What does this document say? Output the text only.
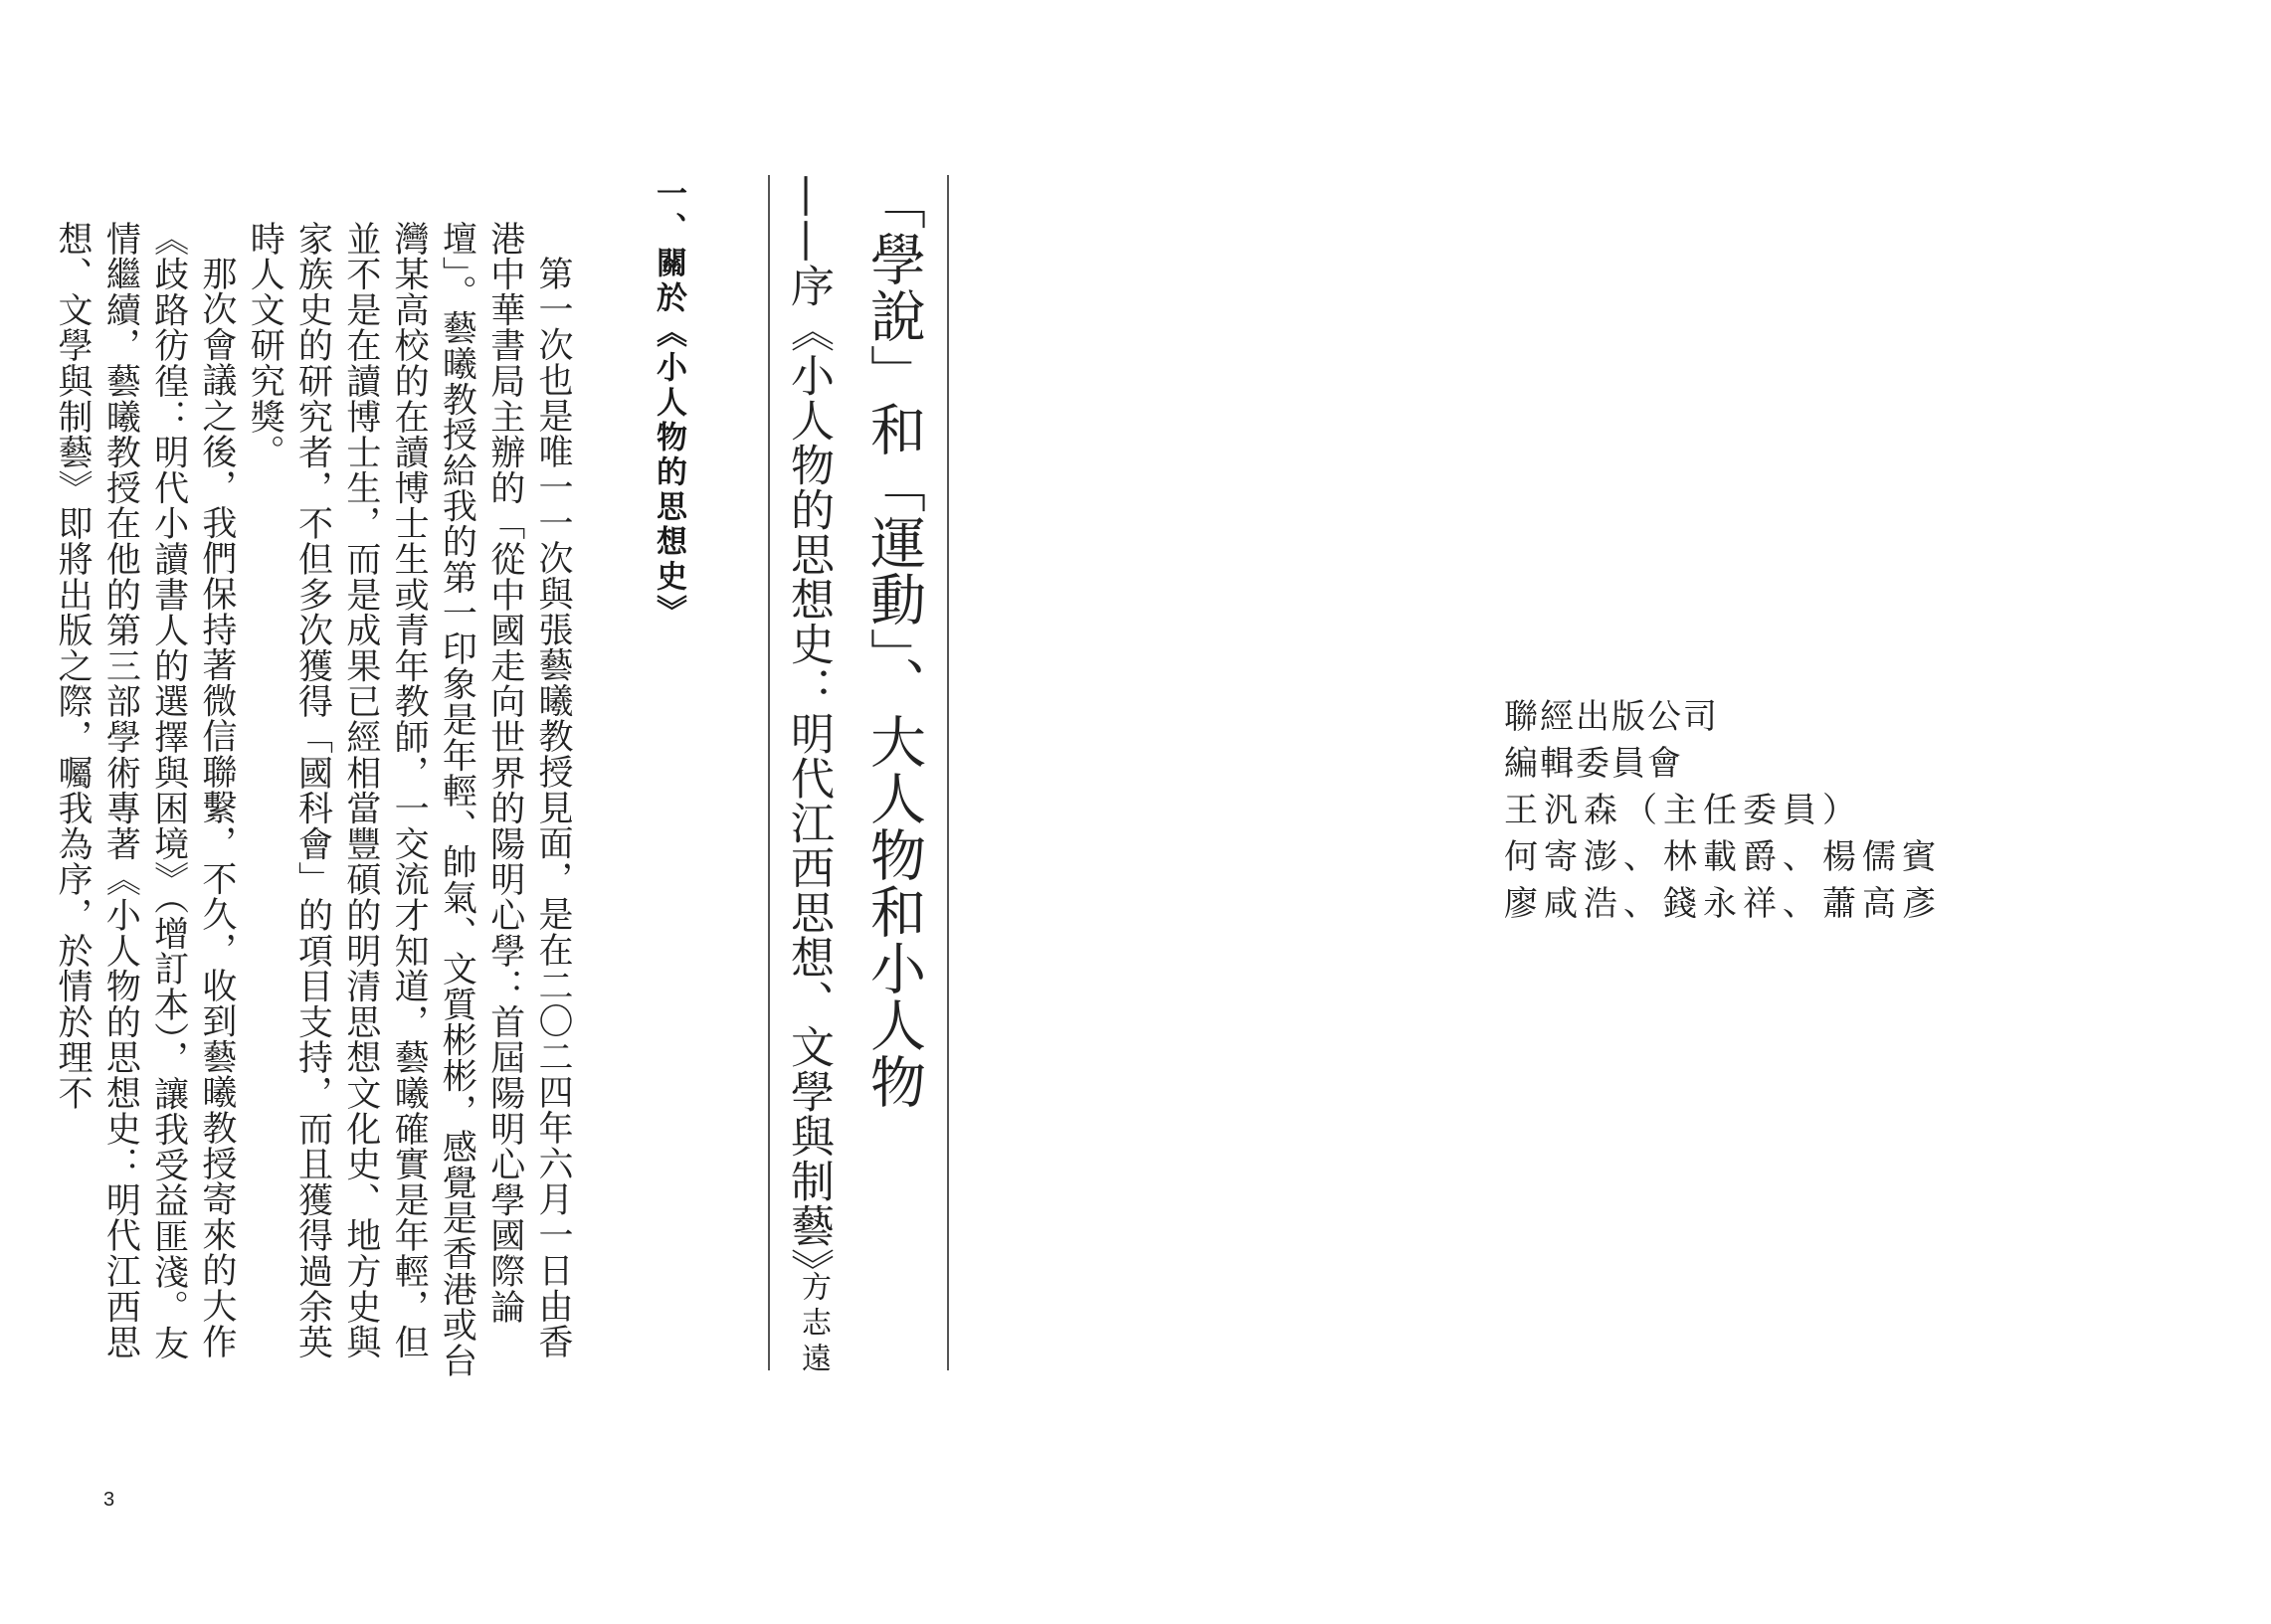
「學說」和「運動」、大人物和小人物
——序《小人物的思想史：明代江西思想、文學與制藝》
方志遠
一、關於《小人物的思想史》

第一次也是唯一一次與張藝曦教授見面，是在二〇二四年六月一日由香港中華書局主辦的「從中國走向世界的陽明心學：首屆陽明心學國際論壇」。藝曦教授給我的第一印象是年輕、帥氣、文質彬彬，感覺是香港或台灣某高校的在讀博士生或青年教師，一交流才知道，藝曦確實是年輕，但並不是在讀博士生，而是成果已經相當豐碩的明清思想文化史、地方史與家族史的研究者，不但多次獲得「國科會」的項目支持，而且獲得過余英時人文研究獎。

那次會議之後，我們保持著微信聯繫，不久，收到藝曦教授寄來的大作《歧路彷徨：明代小讀書人的選擇與困境》（增訂本），讓我受益匪淺。友情繼續，藝曦教授在他的第三部學術專著《小人物的思想史：明代江西思想、文學與制藝》即將出版之際，囑我為序，於情於理不	聯經出版公司
編輯委員會
王汎森（主任委員）
何寄澎、林載爵、楊儒賓
廖咸浩、錢永祥、蕭高彥
3
